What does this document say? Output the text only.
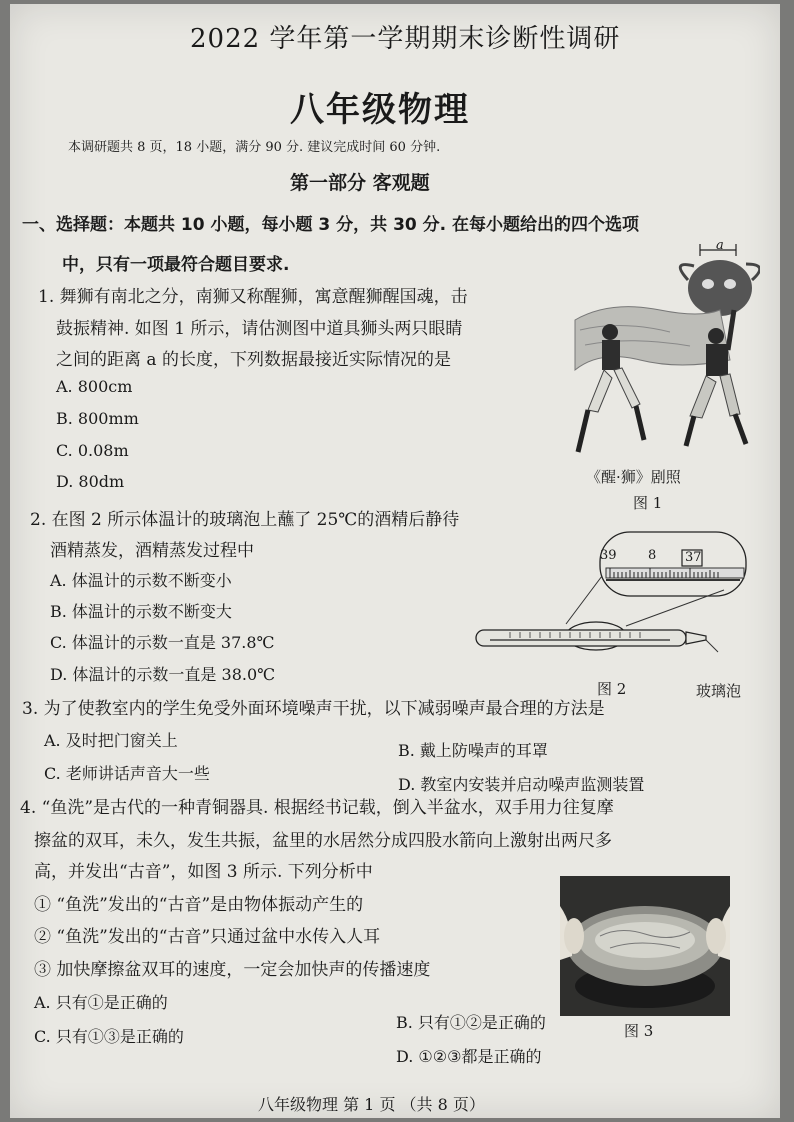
2022 学年第一学期期末诊断性调研
八年级物理
本调研题共 8 页，18 小题，满分 90 分. 建议完成时间 60 分钟.
第一部分 客观题
一、选择题：本题共 10 小题，每小题 3 分，共 30 分. 在每小题给出的四个选项
中，只有一项最符合题目要求.
1. 舞狮有南北之分，南狮又称醒狮，寓意醒狮醒国魂，击
鼓振精神. 如图 1 所示，请估测图中道具狮头两只眼睛
之间的距离 a 的长度，下列数据最接近实际情况的是
A. 800cm
B. 800mm
C. 0.08m
D. 80dm
a
《醒·狮》剧照
图 1
2. 在图 2 所示体温计的玻璃泡上蘸了 25℃的酒精后静待
酒精蒸发，酒精蒸发过程中
A. 体温计的示数不断变小
B. 体温计的示数不断变大
C. 体温计的示数一直是 37.8℃
D. 体温计的示数一直是 38.0℃
39 8 37
图 2	玻璃泡
3. 为了使教室内的学生免受外面环境噪声干扰，以下减弱噪声最合理的方法是
A. 及时把门窗关上
B. 戴上防噪声的耳罩
C. 老师讲话声音大一些
D. 教室内安装并启动噪声监测装置
4. “鱼洗”是古代的一种青铜器具. 根据经书记载，倒入半盆水，双手用力往复摩
擦盆的双耳，未久，发生共振，盆里的水居然分成四股水箭向上激射出两尺多
高，并发出“古音”，如图 3 所示. 下列分析中
① “鱼洗”发出的“古音”是由物体振动产生的
② “鱼洗”发出的“古音”只通过盆中水传入人耳
③ 加快摩擦盆双耳的速度，一定会加快声的传播速度
A. 只有①是正确的
B. 只有①②是正确的
C. 只有①③是正确的
D. ①②③都是正确的
图 3
八年级物理 第 1 页 （共 8 页）
